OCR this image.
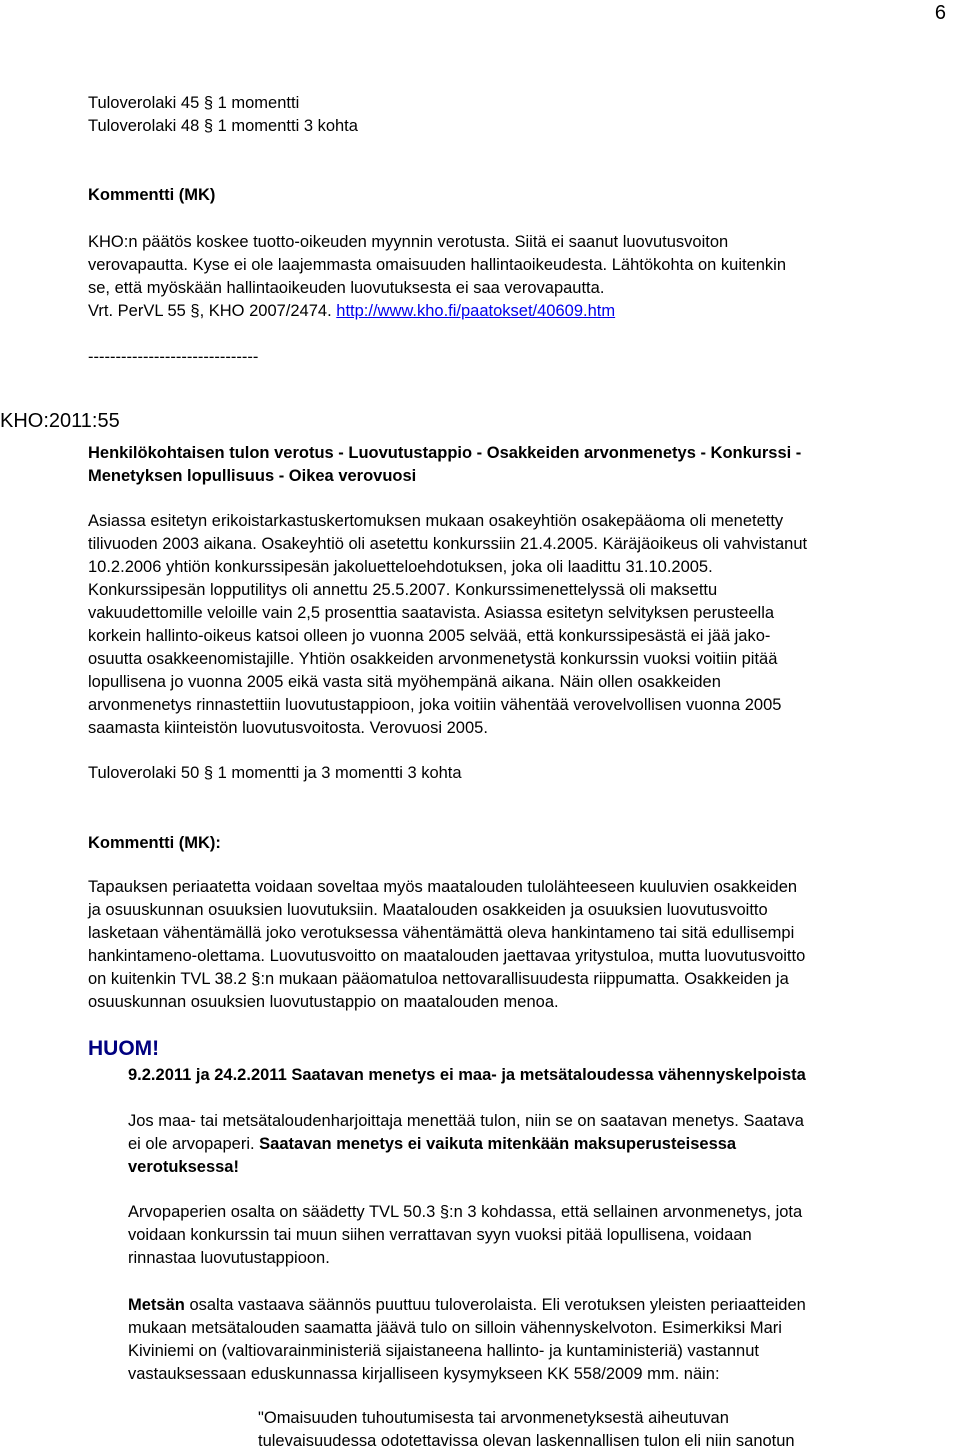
6

Tuloverolaki 45 § 1 momentti

Tuloverolaki 48 § 1 momentti 3 kohta

Kommentti (MK)

KHO:n päätös koskee tuotto-oikeuden myynnin verotusta. Siitä ei saanut luovutusvoiton

verovapautta. Kyse ei ole laajemmasta omaisuuden hallintaoikeudesta. Lähtökohta on kuitenkin

se, että myöskään hallintaoikeuden luovutuksesta ei saa verovapautta.

Vrt. PerVL 55 §, KHO 2007/2474. http://www.kho.fi/paatokset/40609.htm

-------------------------------
KHO:2011:55

Henkilökohtaisen tulon verotus - Luovutustappio - Osakkeiden arvonmenetys - Konkurssi -

Menetyksen lopullisuus - Oikea verovuosi

Asiassa esitetyn erikoistarkastuskertomuksen mukaan osakeyhtiön osakepääoma oli menetetty

tilivuoden 2003 aikana. Osakeyhtiö oli asetettu konkurssiin 21.4.2005. Käräjäoikeus oli vahvistanut

10.2.2006 yhtiön konkurssipesän jakoluetteloehdotuksen, joka oli laadittu 31.10.2005.

Konkurssipesän lopputilitys oli annettu 25.5.2007. Konkurssimenettelyssä oli maksettu

vakuudettomille veloille vain 2,5 prosenttia saatavista. Asiassa esitetyn selvityksen perusteella

korkein hallinto-oikeus katsoi olleen jo vuonna 2005 selvää, että konkurssipesästä ei jää jako-

osuutta osakkeenomistajille. Yhtiön osakkeiden arvonmenetystä konkurssin vuoksi voitiin pitää

lopullisena jo vuonna 2005 eikä vasta sitä myöhempänä aikana. Näin ollen osakkeiden

arvonmenetys rinnastettiin luovutustappioon, joka voitiin vähentää verovelvollisen vuonna 2005

saamasta kiinteistön luovutusvoitosta. Verovuosi 2005.

Tuloverolaki 50 § 1 momentti ja 3 momentti 3 kohta
Kommentti (MK):

Tapauksen periaatetta voidaan soveltaa myös maatalouden tulolähteeseen kuuluvien osakkeiden

ja osuuskunnan osuuksien luovutuksiin. Maatalouden osakkeiden ja osuuksien luovutusvoitto

lasketaan vähentämällä joko verotuksessa vähentämättä oleva hankintameno tai sitä edullisempi

hankintameno-olettama. Luovutusvoitto on maatalouden jaettavaa yritystuloa, mutta luovutusvoitto

on kuitenkin TVL 38.2 §:n mukaan pääomatuloa nettovarallisuudesta riippumatta. Osakkeiden ja

osuuskunnan osuuksien luovutustappio on maatalouden menoa.

HUOM!
9.2.2011 ja 24.2.2011 Saatavan menetys ei maa- ja metsätaloudessa vähennyskelpoista

Jos maa- tai metsätaloudenharjoittaja menettää tulon, niin se on saatavan menetys. Saatava

ei ole arvopaperi. Saatavan menetys ei vaikuta mitenkään maksuperusteisessa

verotuksessa!

Arvopaperien osalta on säädetty TVL 50.3 §:n 3 kohdassa, että sellainen arvonmenetys, jota

voidaan konkurssin tai muun siihen verrattavan syyn vuoksi pitää lopullisena, voidaan

rinnastaa luovutustappioon.

Metsän osalta vastaava säännös puuttuu tuloverolaista. Eli verotuksen yleisten periaatteiden

mukaan metsätalouden saamatta jäävä tulo on silloin vähennyskelvoton. Esimerkiksi Mari

Kiviniemi on (valtiovarainministeriä sijaistaneena hallinto- ja kuntaministeriä) vastannut

vastauksessaan eduskunnassa kirjalliseen kysymykseen KK 558/2009 mm. näin:

"Omaisuuden tuhoutumisesta tai arvonmenetyksestä aiheutuvan

tulevaisuudessa odotettavissa olevan laskennallisen tulon eli niin sanotun
